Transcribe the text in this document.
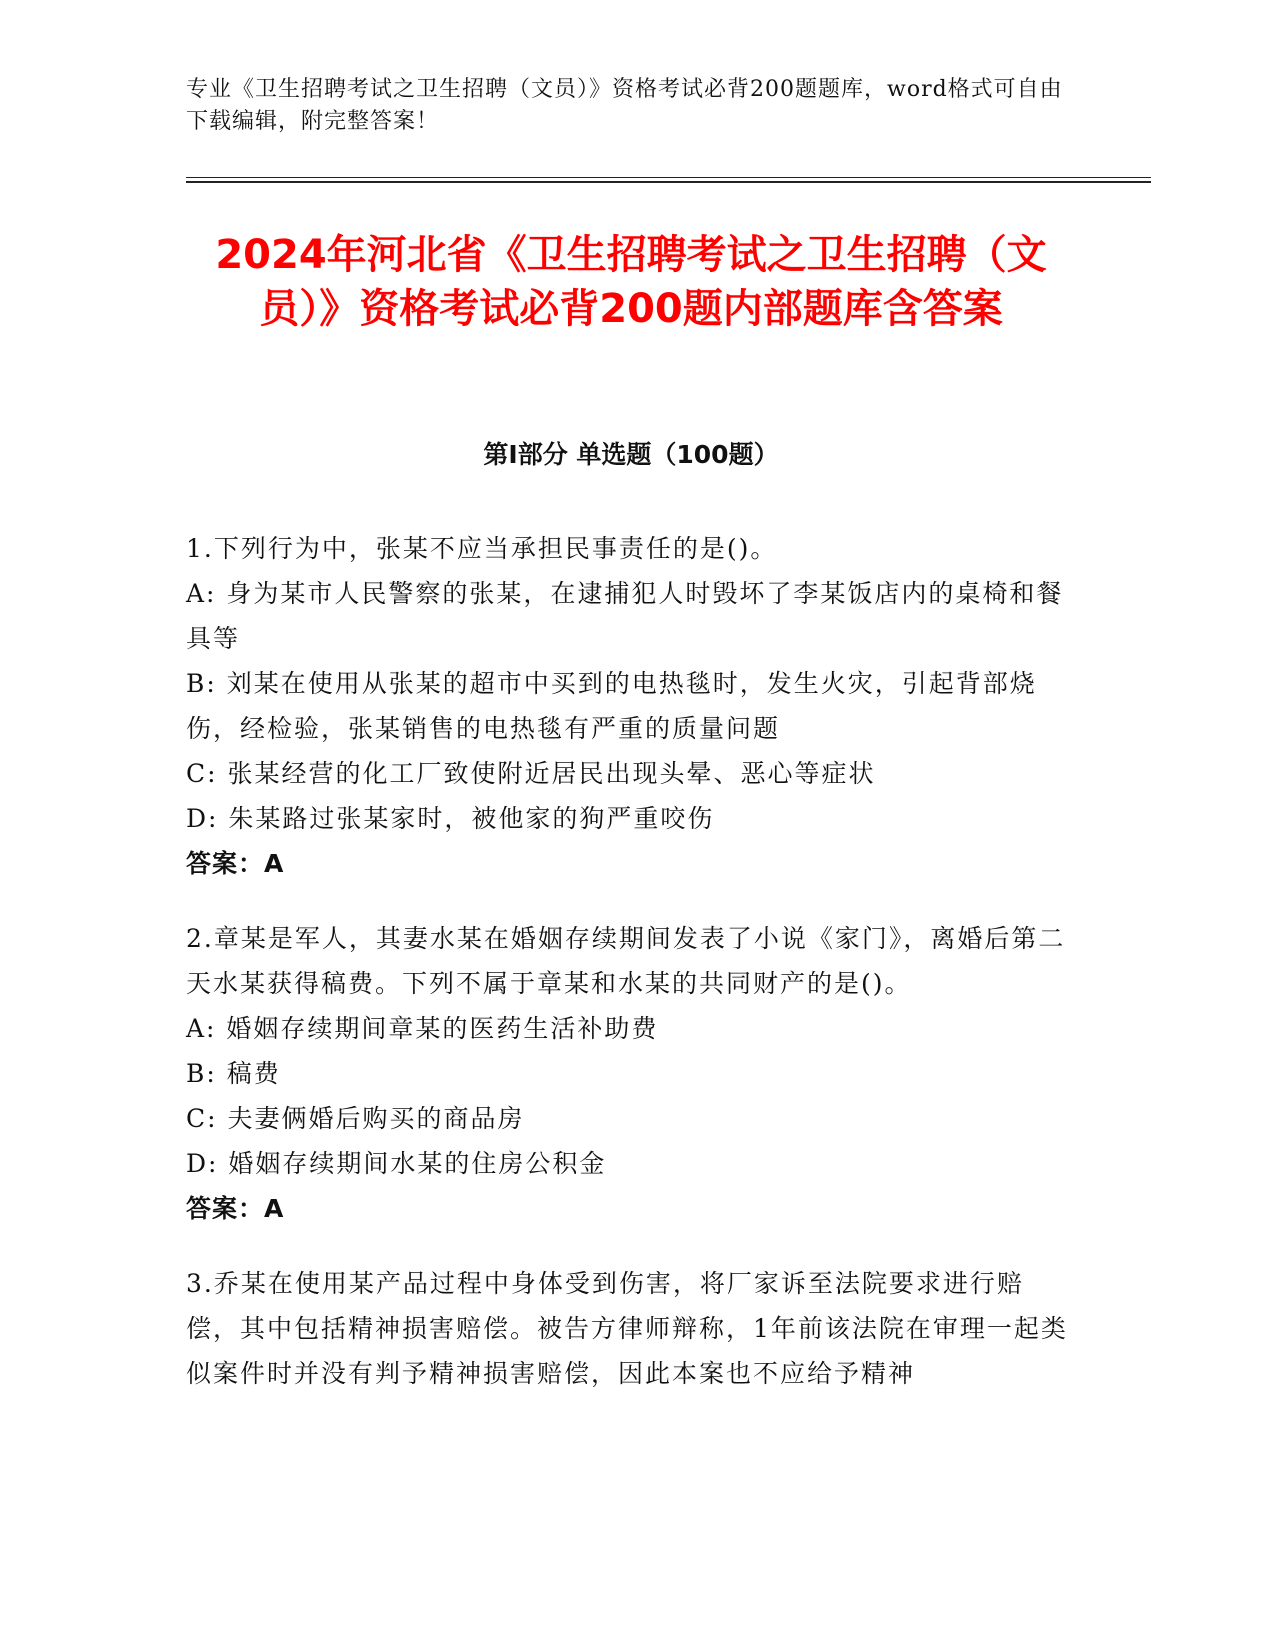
专业《卫生招聘考试之卫生招聘（文员）》资格考试必背200题题库，word格式可自由下载编辑，附完整答案！
2024年河北省《卫生招聘考试之卫生招聘（文员）》资格考试必背200题内部题库含答案
第I部分 单选题（100题）

1.下列行为中，张某不应当承担民事责任的是()。

A: 身为某市人民警察的张某，在逮捕犯人时毁坏了李某饭店内的桌椅和餐具等

B: 刘某在使用从张某的超市中买到的电热毯时，发生火灾，引起背部烧伤，经检验，张某销售的电热毯有严重的质量问题

C: 张某经营的化工厂致使附近居民出现头晕、恶心等症状

D: 朱某路过张某家时，被他家的狗严重咬伤

答案：A

2.章某是军人，其妻水某在婚姻存续期间发表了小说《家门》，离婚后第二天水某获得稿费。下列不属于章某和水某的共同财产的是()。

A: 婚姻存续期间章某的医药生活补助费

B: 稿费

C: 夫妻俩婚后购买的商品房

D: 婚姻存续期间水某的住房公积金

答案：A

3.乔某在使用某产品过程中身体受到伤害，将厂家诉至法院要求进行赔偿，其中包括精神损害赔偿。被告方律师辩称，1年前该法院在审理一起类似案件时并没有判予精神损害赔偿，因此本案也不应给予精神
